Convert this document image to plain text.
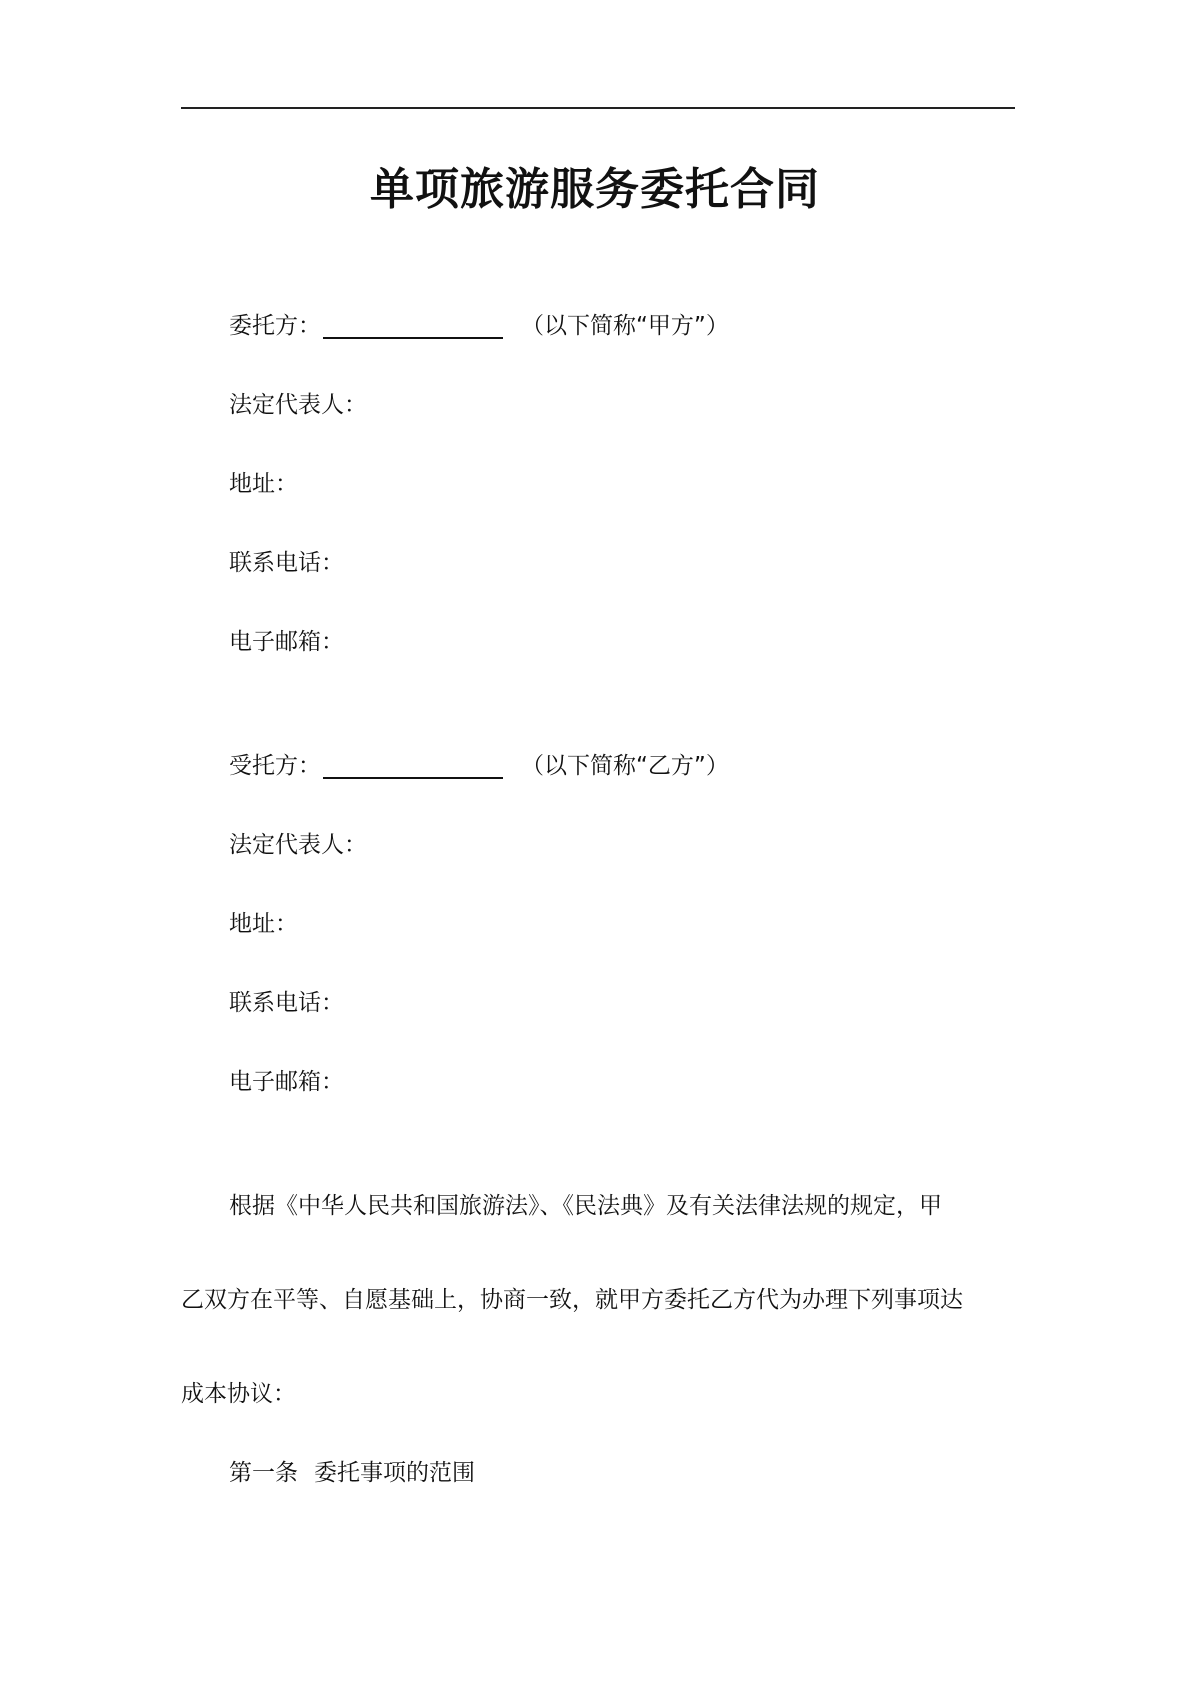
单项旅游服务委托合同
委托方：	（以下简称“甲方”）
法定代表人：
地址：
联系电话：
电子邮箱：
受托方：	（以下简称“乙方”）
法定代表人：
地址：
联系电话：
电子邮箱：
根据《中华人民共和国旅游法》、《民法典》及有关法律法规的规定，甲
乙双方在平等、自愿基础上，协商一致，就甲方委托乙方代为办理下列事项达
成本协议：
第一条 委托事项的范围
